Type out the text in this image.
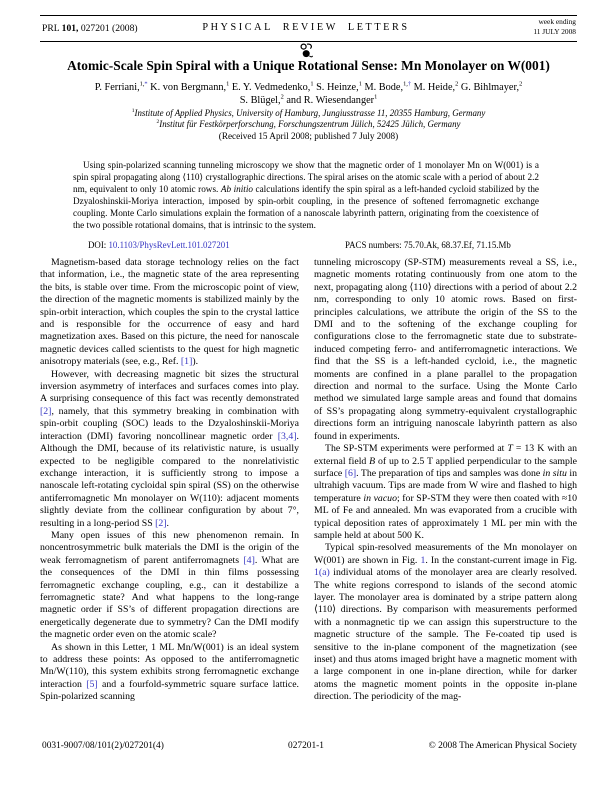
PRL 101, 027201 (2008)	PHYSICAL REVIEW LETTERS
week ending
11 JULY 2008
Atomic-Scale Spin Spiral with a Unique Rotational Sense: Mn Monolayer on W(001)
P. Ferriani,$^{1,*}$ K. von Bergmann,$^1$ E. Y. Vedmedenko,$^1$ S. Heinze,$^1$ M. Bode,$^{1,\dagger}$ M. Heide,$^2$ G. Bihlmayer,$^2$
S. Blügel,$^2$ and R. Wiesendanger$^1$
$^1$Institute of Applied Physics, University of Hamburg, Jungiusstrasse 11, 20355 Hamburg, Germany
$^2$Institut für Festkörperforschung, Forschungszentrum Jülich, 52425 Jülich, Germany
(Received 15 April 2008; published 7 July 2008)
Using spin-polarized scanning tunneling microscopy we show that the magnetic order of 1 monolayer Mn on W(001) is a spin spiral propagating along ⟨110⟩ crystallographic directions. The spiral arises on the atomic scale with a period of about 2.2 nm, equivalent to only 10 atomic rows. Ab initio calculations identify the spin spiral as a left-handed cycloid stabilized by the Dzyaloshinskii-Moriya interaction, imposed by spin-orbit coupling, in the presence of softened ferromagnetic exchange coupling. Monte Carlo simulations explain the formation of a nanoscale labyrinth pattern, originating from the coexistence of the two possible rotational domains, that is intrinsic to the system.
DOI: 10.1103/PhysRevLett.101.027201	PACS numbers: 75.70.Ak, 68.37.Ef, 71.15.Mb

Magnetism-based data storage technology relies on the fact that information, i.e., the magnetic state of the area representing the bits, is stable over time. From the microscopic point of view, the direction of the magnetic moments is stabilized mainly by the spin-orbit interaction, which couples the spin to the crystal lattice and is responsible for the occurrence of easy and hard magnetization axes. Based on this picture, the need for nanoscale magnetic devices called scientists to the quest for high magnetic anisotropy materials (see, e.g., Ref. [1]).

However, with decreasing magnetic bit sizes the structural inversion asymmetry of interfaces and surfaces comes into play. A surprising consequence of this fact was recently demonstrated [2], namely, that this symmetry breaking in combination with spin-orbit coupling (SOC) leads to the Dzyaloshinskii-Moriya interaction (DMI) favoring noncollinear magnetic order [3,4]. Although the DMI, because of its relativistic nature, is usually expected to be negligible compared to the nonrelativistic exchange interaction, it is sufficiently strong to impose a nanoscale left-rotating cycloidal spin spiral (SS) on the otherwise antiferromagnetic Mn monolayer on W(110): adjacent moments slightly deviate from the collinear configuration by about 7°, resulting in a long-period SS [2].

Many open issues of this new phenomenon remain. In noncentrosymmetric bulk materials the DMI is the origin of the weak ferromagnetism of parent antiferromagnets [4]. What are the consequences of the DMI in thin films possessing ferromagnetic exchange coupling, e.g., can it destabilize a ferromagnetic state? And what happens to the long-range magnetic order if SS’s of different propagation directions are energetically degenerate due to symmetry? Can the DMI modify the magnetic order even on the atomic scale?

As shown in this Letter, 1 ML Mn/W(001) is an ideal system to address these points: As opposed to the antiferromagnetic Mn/W(110), this system exhibits strong ferromagnetic exchange interaction [5] and a fourfold-symmetric square surface lattice. Spin-polarized scanning

tunneling microscopy (SP-STM) measurements reveal a SS, i.e., magnetic moments rotating continuously from one atom to the next, propagating along ⟨110⟩ directions with a period of about 2.2 nm, corresponding to only 10 atomic rows. Based on first-principles calculations, we attribute the origin of the SS to the DMI and to the softening of the exchange coupling for configurations close to the ferromagnetic state due to substrate-induced competing ferro- and antiferromagnetic interactions. We find that the SS is a left-handed cycloid, i.e., the magnetic moments are confined in a plane parallel to the propagation direction and normal to the surface. Using the Monte Carlo method we simulated large sample areas and found that domains of SS’s propagating along symmetry-equivalent crystallographic directions form an intriguing nanoscale labyrinth pattern as also found in experiments.

The SP-STM experiments were performed at T = 13 K with an external field B of up to 2.5 T applied perpendicular to the sample surface [6]. The preparation of tips and samples was done in situ in ultrahigh vacuum. Tips are made from W wire and flashed to high temperature in vacuo; for SP-STM they were then coated with ≈10 ML of Fe and annealed. Mn was evaporated from a crucible with typical deposition rates of approximately 1 ML per min with the sample held at about 500 K.

Typical spin-resolved measurements of the Mn monolayer on W(001) are shown in Fig. 1. In the constant-current image in Fig. 1(a) individual atoms of the monolayer area are clearly resolved. The white regions correspond to islands of the second atomic layer. The monolayer area is dominated by a stripe pattern along ⟨110⟩ directions. By comparison with measurements performed with a nonmagnetic tip we can assign this superstructure to the magnetic structure of the sample. The Fe-coated tip used is sensitive to the in-plane component of the magnetization (see inset) and thus atoms imaged bright have a magnetic moment with a large component in one in-plane direction, while for darker atoms the magnetic moment points in the opposite in-plane direction. The periodicity of the mag-

0031-9007/08/101(2)/027201(4)	027201-1	© 2008 The American Physical Society
